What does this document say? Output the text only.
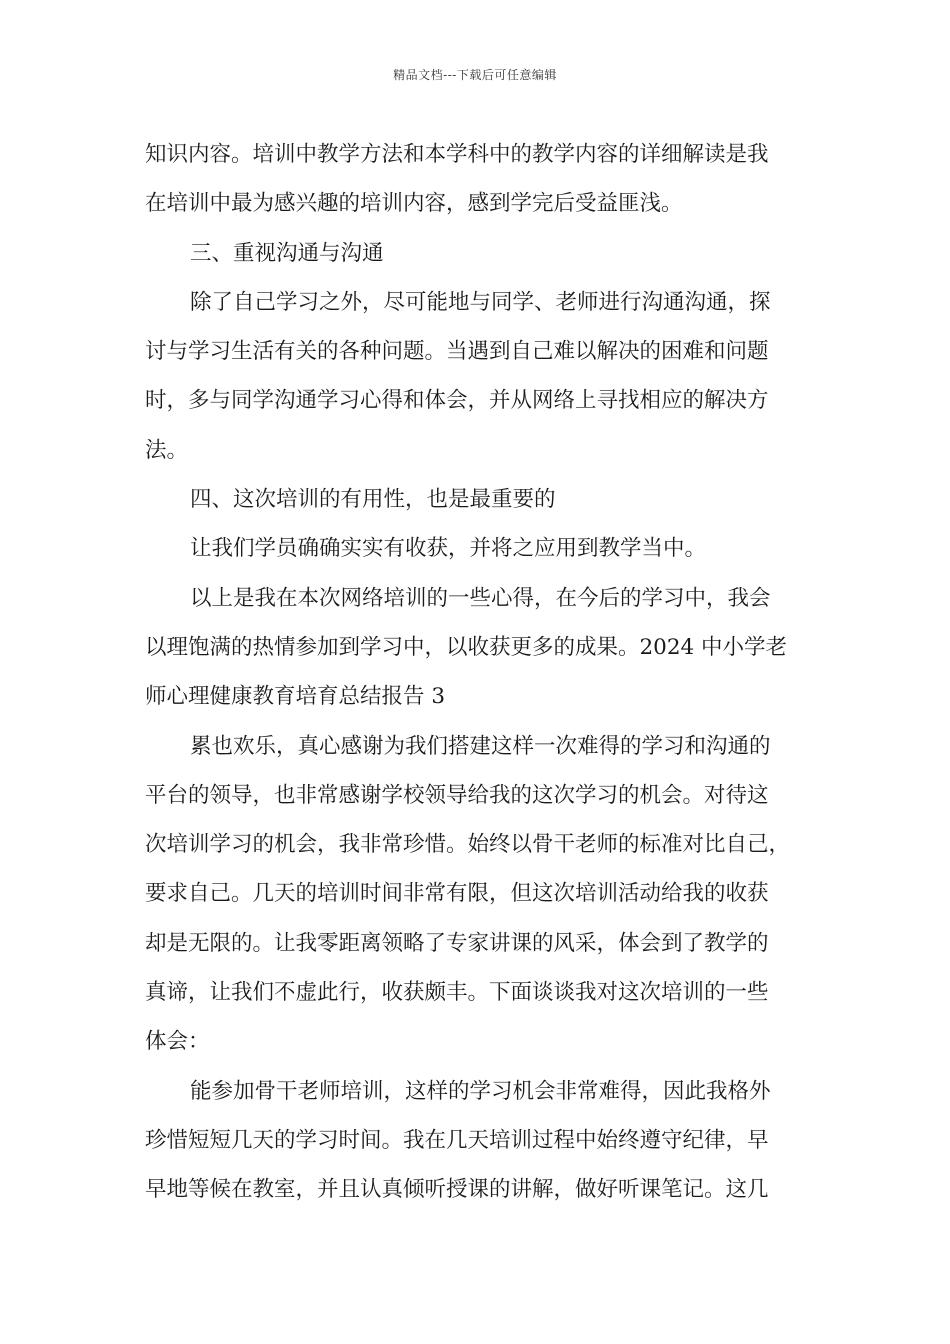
精品文档---下载后可任意编辑
知识内容。培训中教学方法和本学科中的教学内容的详细解读是我
在培训中最为感兴趣的培训内容，感到学完后受益匪浅。
三、重视沟通与沟通
除了自己学习之外，尽可能地与同学、老师进行沟通沟通，探
讨与学习生活有关的各种问题。当遇到自己难以解决的困难和问题
时，多与同学沟通学习心得和体会，并从网络上寻找相应的解决方
法。
四、这次培训的有用性，也是最重要的
让我们学员确确实实有收获，并将之应用到教学当中。
以上是我在本次网络培训的一些心得，在今后的学习中，我会
以理饱满的热情参加到学习中，以收获更多的成果。2024 中小学老
师心理健康教育培育总结报告 3
累也欢乐，真心感谢为我们搭建这样一次难得的学习和沟通的
平台的领导，也非常感谢学校领导给我的这次学习的机会。对待这
次培训学习的机会，我非常珍惜。始终以骨干老师的标准对比自己，
要求自己。几天的培训时间非常有限，但这次培训活动给我的收获
却是无限的。让我零距离领略了专家讲课的风采，体会到了教学的
真谛，让我们不虚此行，收获颇丰。下面谈谈我对这次培训的一些
体会：
能参加骨干老师培训，这样的学习机会非常难得，因此我格外
珍惜短短几天的学习时间。我在几天培训过程中始终遵守纪律，早
早地等候在教室，并且认真倾听授课的讲解，做好听课笔记。这几
